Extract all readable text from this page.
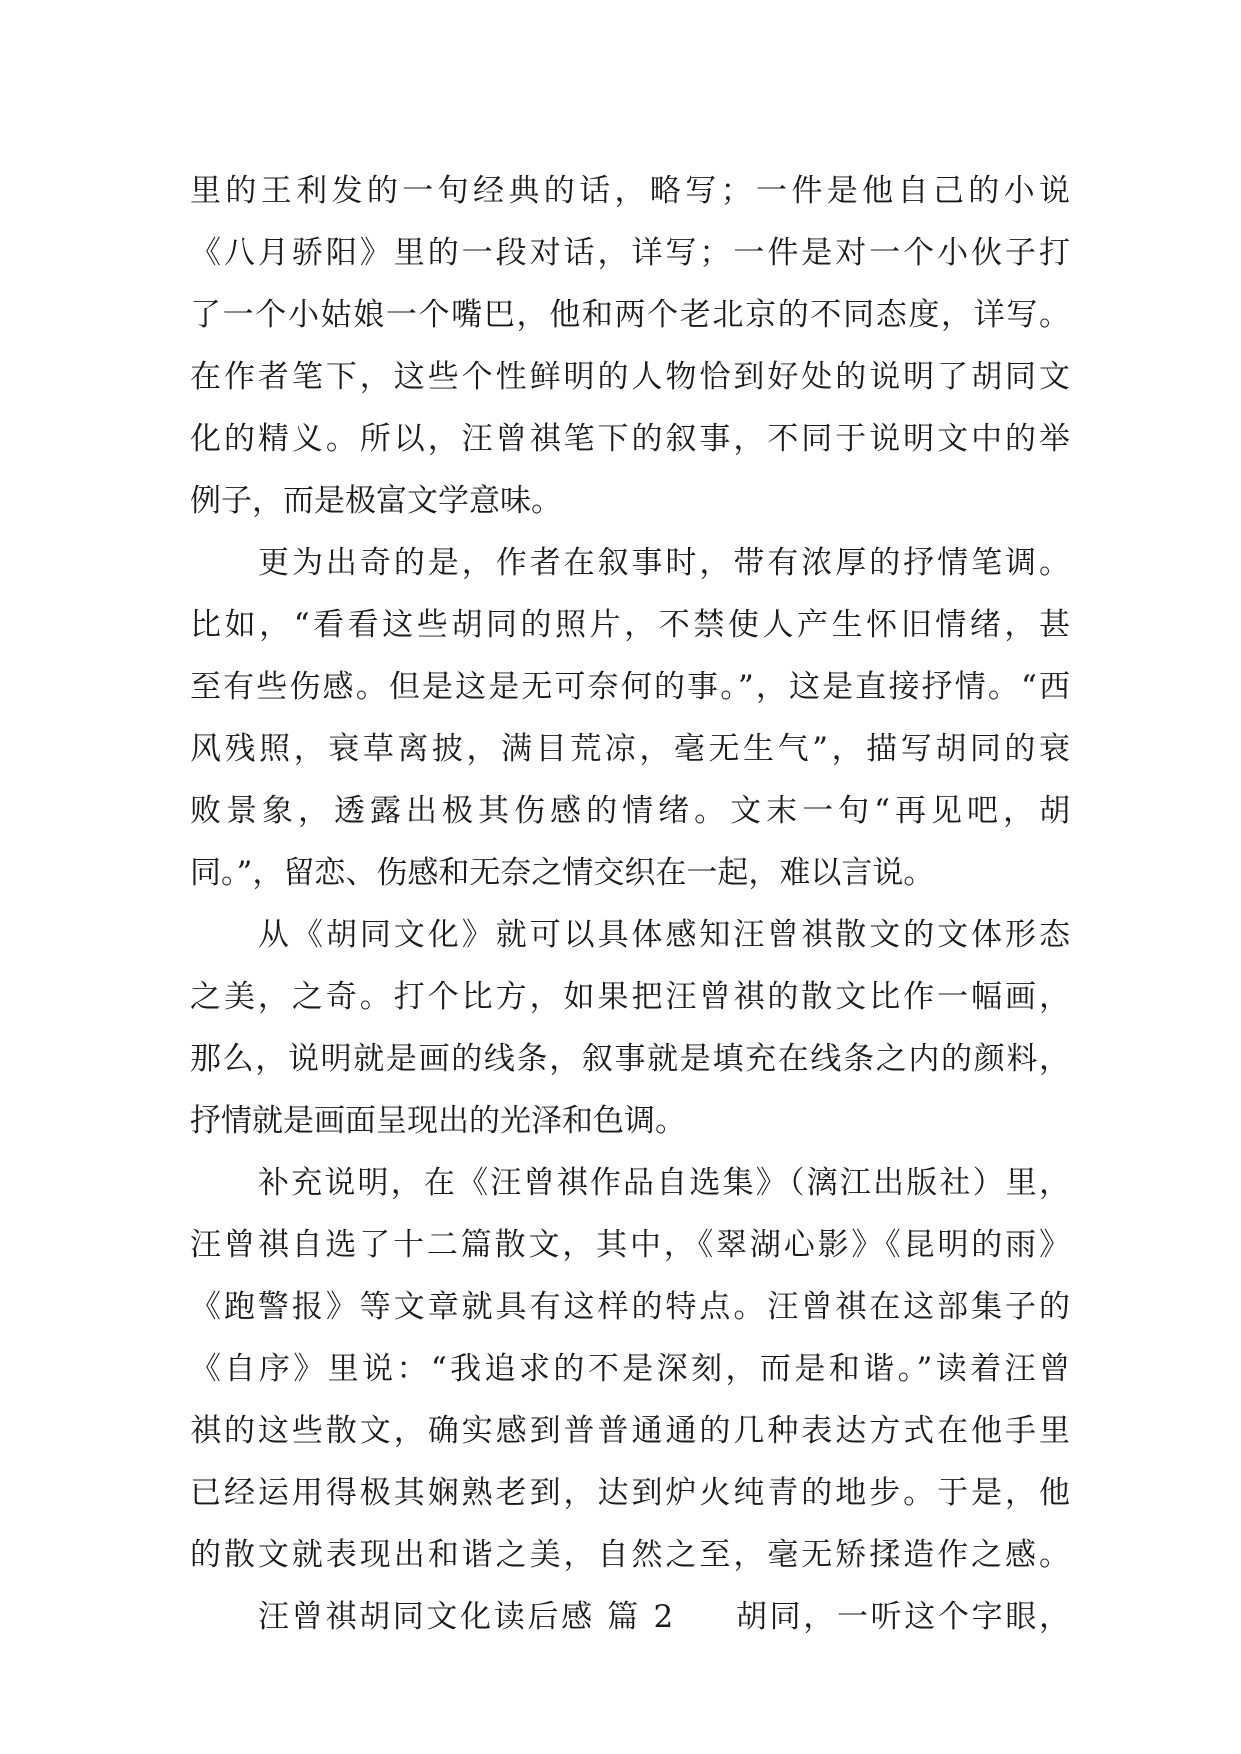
里的王利发的一句经典的话，略写；一件是他自己的小说
《八月骄阳》里的一段对话，详写；一件是对一个小伙子打
了一个小姑娘一个嘴巴，他和两个老北京的不同态度，详写。
在作者笔下，这些个性鲜明的人物恰到好处的说明了胡同文
化的精义。所以，汪曾祺笔下的叙事，不同于说明文中的举
例子，而是极富文学意味。
更为出奇的是，作者在叙事时，带有浓厚的抒情笔调。
比如，“看看这些胡同的照片，不禁使人产生怀旧情绪，甚
至有些伤感。但是这是无可奈何的事。”，这是直接抒情。“西
风残照，衰草离披，满目荒凉，毫无生气”，描写胡同的衰
败景象，透露出极其伤感的情绪。文末一句“再见吧，胡
同。”，留恋、伤感和无奈之情交织在一起，难以言说。
从《胡同文化》就可以具体感知汪曾祺散文的文体形态
之美，之奇。打个比方，如果把汪曾祺的散文比作一幅画，
那么，说明就是画的线条，叙事就是填充在线条之内的颜料，
抒情就是画面呈现出的光泽和色调。
补充说明，在《汪曾祺作品自选集》（漓江出版社）里，
汪曾祺自选了十二篇散文，其中，《翠湖心影》《昆明的雨》
《跑警报》等文章就具有这样的特点。汪曾祺在这部集子的
《自序》里说：“我追求的不是深刻，而是和谐。”读着汪曾
祺的这些散文，确实感到普普通通的几种表达方式在他手里
已经运用得极其娴熟老到，达到炉火纯青的地步。于是，他
的散文就表现出和谐之美，自然之至，毫无矫揉造作之感。
汪曾祺胡同文化读后感 篇 2 胡同，一听这个字眼，
